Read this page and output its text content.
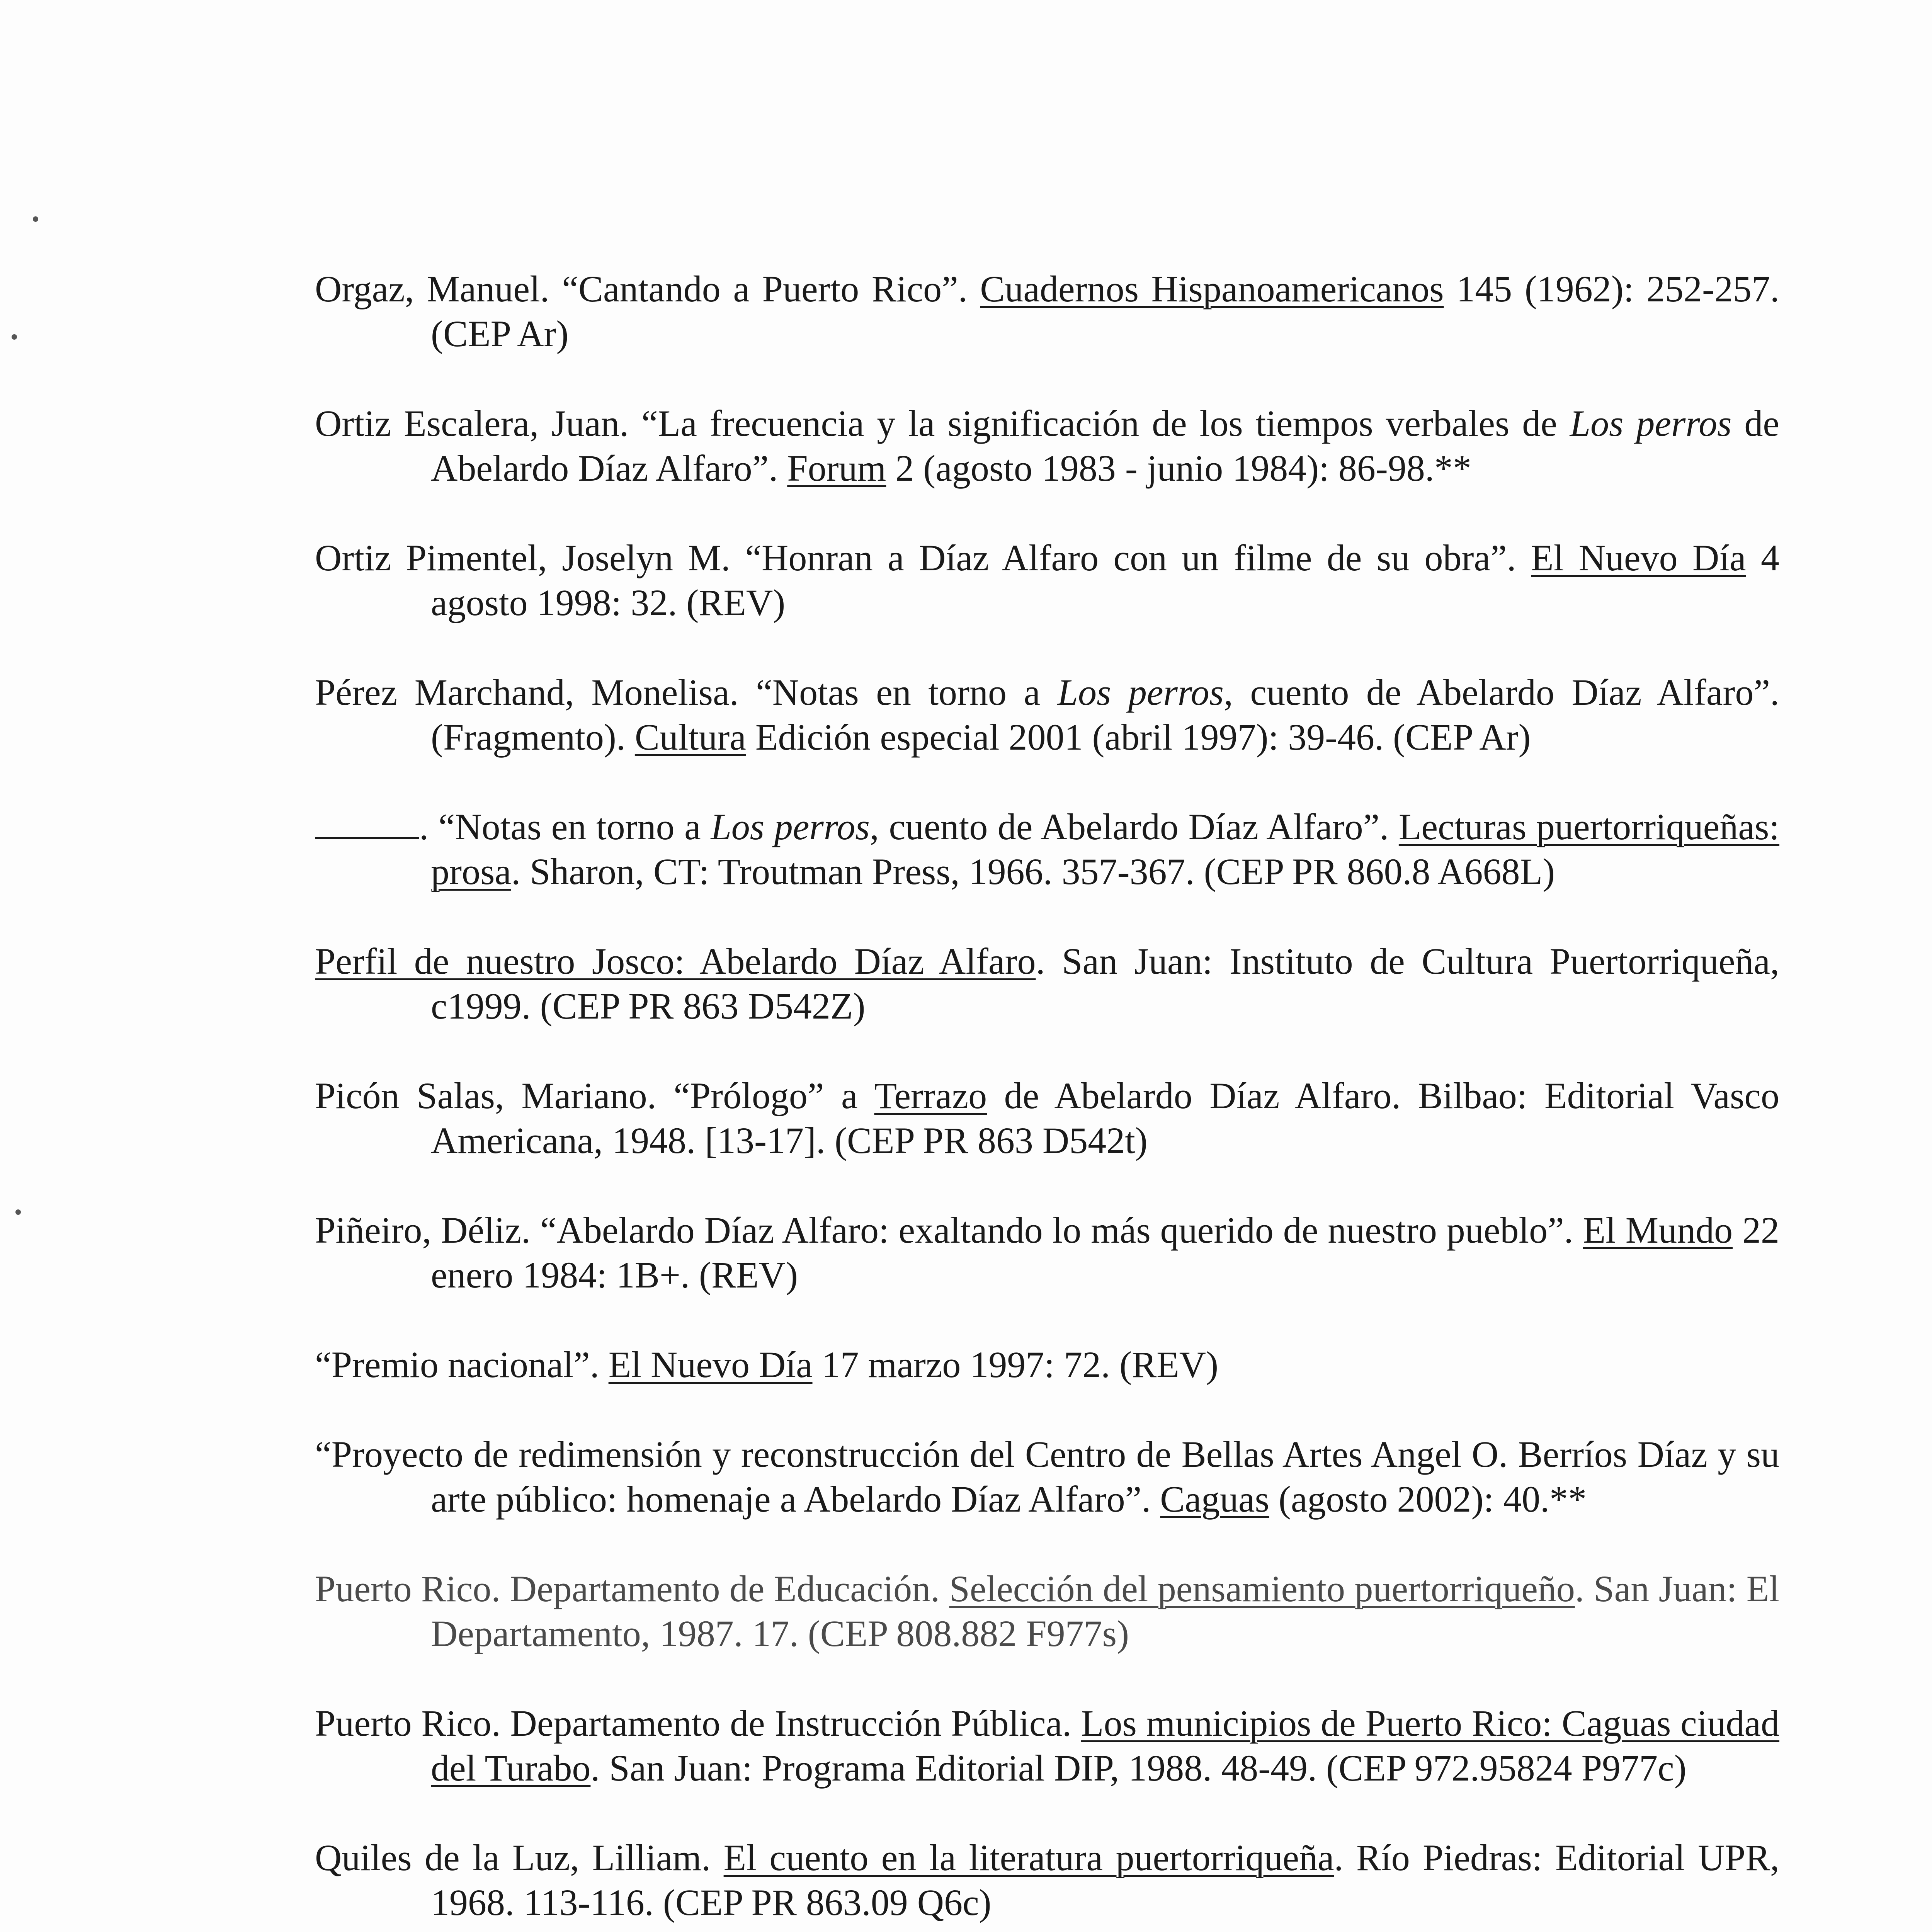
Orgaz, Manuel. “Cantando a Puerto Rico”. Cuadernos Hispanoamericanos 145 (1962): 252-257. (CEP Ar)

Ortiz Escalera, Juan. “La frecuencia y la significación de los tiempos verbales de Los perros de Abelardo Díaz Alfaro”. Forum 2 (agosto 1983 - junio 1984): 86-98.**

Ortiz Pimentel, Joselyn M. “Honran a Díaz Alfaro con un filme de su obra”. El Nuevo Día 4 agosto 1998: 32. (REV)

Pérez Marchand, Monelisa. “Notas en torno a Los perros, cuento de Abelardo Díaz Alfaro”. (Fragmento). Cultura Edición especial 2001 (abril 1997): 39-46. (CEP Ar)

. “Notas en torno a Los perros, cuento de Abelardo Díaz Alfaro”. Lecturas puertorriqueñas: prosa. Sharon, CT: Troutman Press, 1966. 357-367. (CEP PR 860.8 A668L)

Perfil de nuestro Josco: Abelardo Díaz Alfaro. San Juan: Instituto de Cultura Puertorriqueña, c1999. (CEP PR 863 D542Z)

Picón Salas, Mariano. “Prólogo” a Terrazo de Abelardo Díaz Alfaro. Bilbao: Editorial Vasco Americana, 1948. [13-17]. (CEP PR 863 D542t)

Piñeiro, Déliz. “Abelardo Díaz Alfaro: exaltando lo más querido de nuestro pueblo”. El Mundo 22 enero 1984: 1B+. (REV)

“Premio nacional”. El Nuevo Día 17 marzo 1997: 72. (REV)

“Proyecto de redimensión y reconstrucción del Centro de Bellas Artes Angel O. Berríos Díaz y su arte público: homenaje a Abelardo Díaz Alfaro”. Caguas (agosto 2002): 40.**

Puerto Rico. Departamento de Educación. Selección del pensamiento puertorriqueño. San Juan: El Departamento, 1987. 17. (CEP 808.882 F977s)

Puerto Rico. Departamento de Instrucción Pública. Los municipios de Puerto Rico: Caguas ciudad del Turabo. San Juan: Programa Editorial DIP, 1988. 48-49. (CEP 972.95824 P977c)

Quiles de la Luz, Lilliam. El cuento en la literatura puertorriqueña. Río Piedras: Editorial UPR, 1968. 113-116. (CEP PR 863.09 Q6c)
